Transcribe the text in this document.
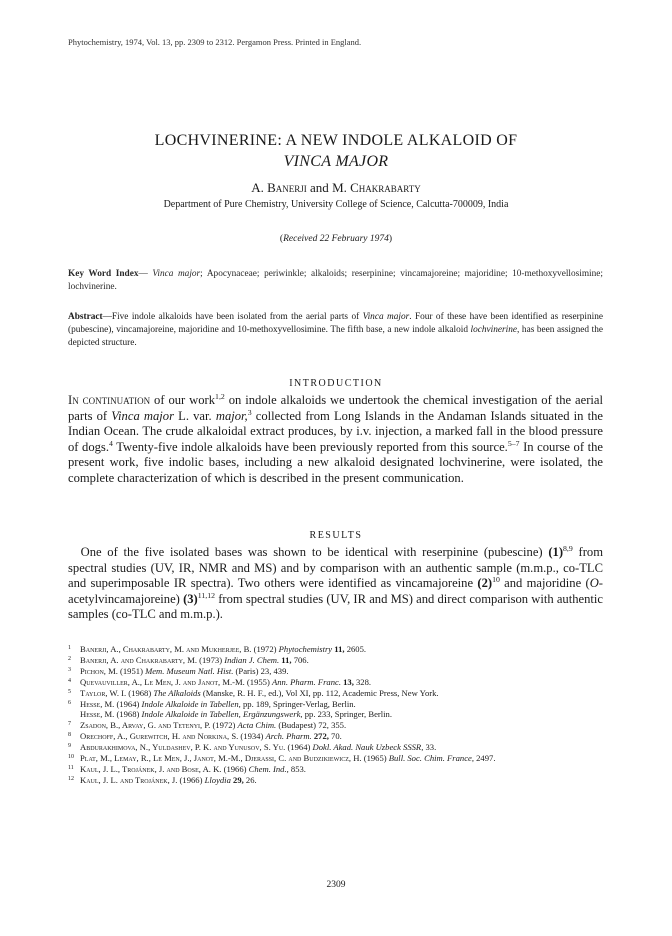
Phytochemistry, 1974, Vol. 13, pp. 2309 to 2312. Pergamon Press. Printed in England.
LOCHVINERINE: A NEW INDOLE ALKALOID OF
VINCA MAJOR
A. Banerji and M. Chakrabarty
Department of Pure Chemistry, University College of Science, Calcutta-700009, India
(Received 22 February 1974)
Key Word Index— Vinca major; Apocynaceae; periwinkle; alkaloids; reserpinine; vincamajoreine; majoridine; 10-methoxyvellosimine; lochvinerine.
Abstract—Five indole alkaloids have been isolated from the aerial parts of Vinca major. Four of these have been identified as reserpinine (pubescine), vincamajoreine, majoridine and 10-methoxyvellosimine. The fifth base, a new indole alkaloid lochvinerine, has been assigned the depicted structure.
INTRODUCTION
In continuation of our work$^{1,2}$ on indole alkaloids we undertook the chemical investigation of the aerial parts of Vinca major L. var. major,$^3$ collected from Long Islands in the Andaman Islands situated in the Indian Ocean. The crude alkaloidal extract produces, by i.v. injection, a marked fall in the blood pressure of dogs.$^4$ Twenty-five indole alkaloids have been previously reported from this source.$^{5-7}$ In course of the present work, five indolic bases, including a new alkaloid designated lochvinerine, were isolated, the complete characterization of which is described in the present communication.
RESULTS
 One of the five isolated bases was shown to be identical with reserpinine (pubescine) $(1)^{8,9}$ from spectral studies (UV, IR, NMR and MS) and by comparison with an authentic sample (m.m.p., co-TLC and superimposable IR spectra). Two others were identified as vincamajoreine $(2)^{10}$ and majoridine (O-acetylvincamajoreine) $(3)^{11,12}$ from spectral studies (UV, IR and MS) and direct comparison with authentic samples (co-TLC and m.m.p.).
1 Banerji, A., Chakrabarty, M. and Mukherjee, B. (1972) Phytochemistry 11, 2605.
2 Banerji, A. and Chakrabarty, M. (1973) Indian J. Chem. 11, 706.
3 Pichon, M. (1951) Mem. Museum Natl. Hist. (Paris) 23, 439.
4 Quevauviller, A., Le Men, J. and Janot, M.-M. (1955) Ann. Pharm. Franc. 13, 328.
5 Taylor, W. I. (1968) The Alkaloids (Manske, R. H. F., ed.), Vol XI, pp. 112, Academic Press, New York.
6 Hesse, M. (1964) Indole Alkaloide in Tabellen, pp. 189, Springer-Verlag, Berlin.
Hesse, M. (1968) Indole Alkaloide in Tabellen, Ergänzungswerk, pp. 233, Springer, Berlin.
7 Zsadon, B., Arvay, G. and Tetenyi, P. (1972) Acta Chim. (Budapest) 72, 355.
8 Orechoff, A., Gurewitch, H. and Norkina, S. (1934) Arch. Pharm. 272, 70.
9 Abdurakhimova, N., Yuldashev, P. K. and Yunusov, S. Yu. (1964) Dokl. Akad. Nauk Uzbeck SSSR, 33.
10 Plat, M., Lemay, R., Le Men, J., Janot, M.-M., Djerassi, C. and Budzikiewicz, H. (1965) Bull. Soc. Chim. France, 2497.
11 Kaul, J. L., Trojánek, J. and Bose, A. K. (1966) Chem. Ind., 853.
12 Kaul, J. L. and Trojánek, J. (1966) Lloydia 29, 26.
2309
